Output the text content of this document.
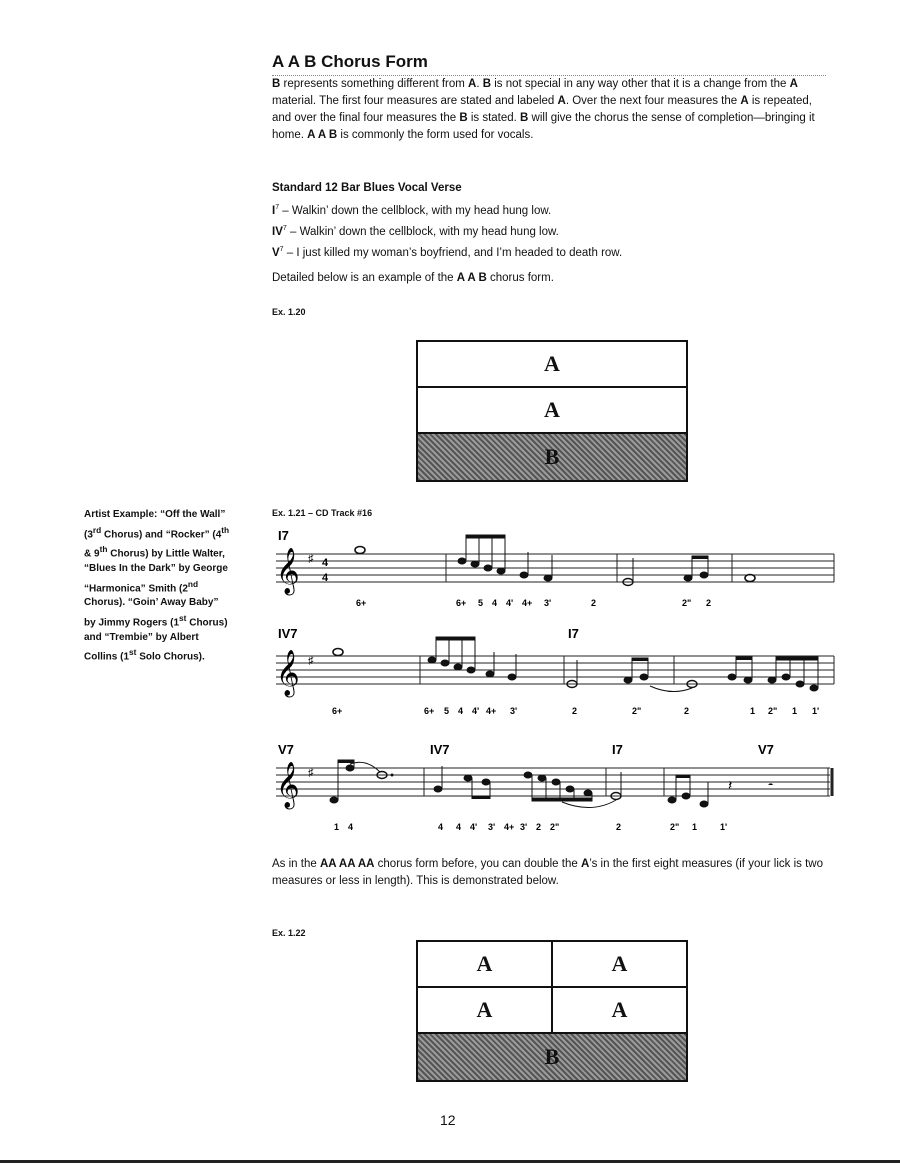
A A B Chorus Form
B represents something different from A. B is not special in any way other that it is a change from the A material. The first four measures are stated and labeled A. Over the next four measures the A is repeated, and over the final four measures the B is stated. B will give the chorus the sense of completion—bringing it home. A A B is commonly the form used for vocals.
Standard 12 Bar Blues Vocal Verse
$I^7$ – Walkin’ down the cellblock, with my head hung low.
$IV^7$ – Walkin’ down the cellblock, with my head hung low.
$V^7$ – I just killed my woman’s boyfriend, and I’m headed to death row.
Detailed below is an example of the A A B chorus form.
Ex. 1.20
A
A
B
Artist Example: “Off the Wall” (3rd Chorus) and “Rocker” (4th & 9th Chorus) by Little Walter, “Blues In the Dark” by George “Harmonica” Smith (2nd Chorus). “Goin’ Away Baby” by Jimmy Rogers (1st Chorus) and “Trembie” by Albert Collins (1st Solo Chorus).
Ex. 1.21 – CD Track #16
I7
𝄞 ♯ 4
4
6+	6+ 5 4 4' 4+ 3'	2	2" 2
IV7	I7
𝄞 ♯
6+	6+ 5 4 4' 4+ 3'	2	2"	2	1 2" 1 1'
V7	IV7	I7	V7
𝄞 ♯
𝄽	𝄼
1 4	4 4 4' 3' 4+ 3' 2 2"	2	2" 1	1'
As in the AA AA AA chorus form before, you can double the A’s in the first eight measures (if your lick is two measures or less in length). This is demonstrated below.
Ex. 1.22
A	A
A	A
B
12
